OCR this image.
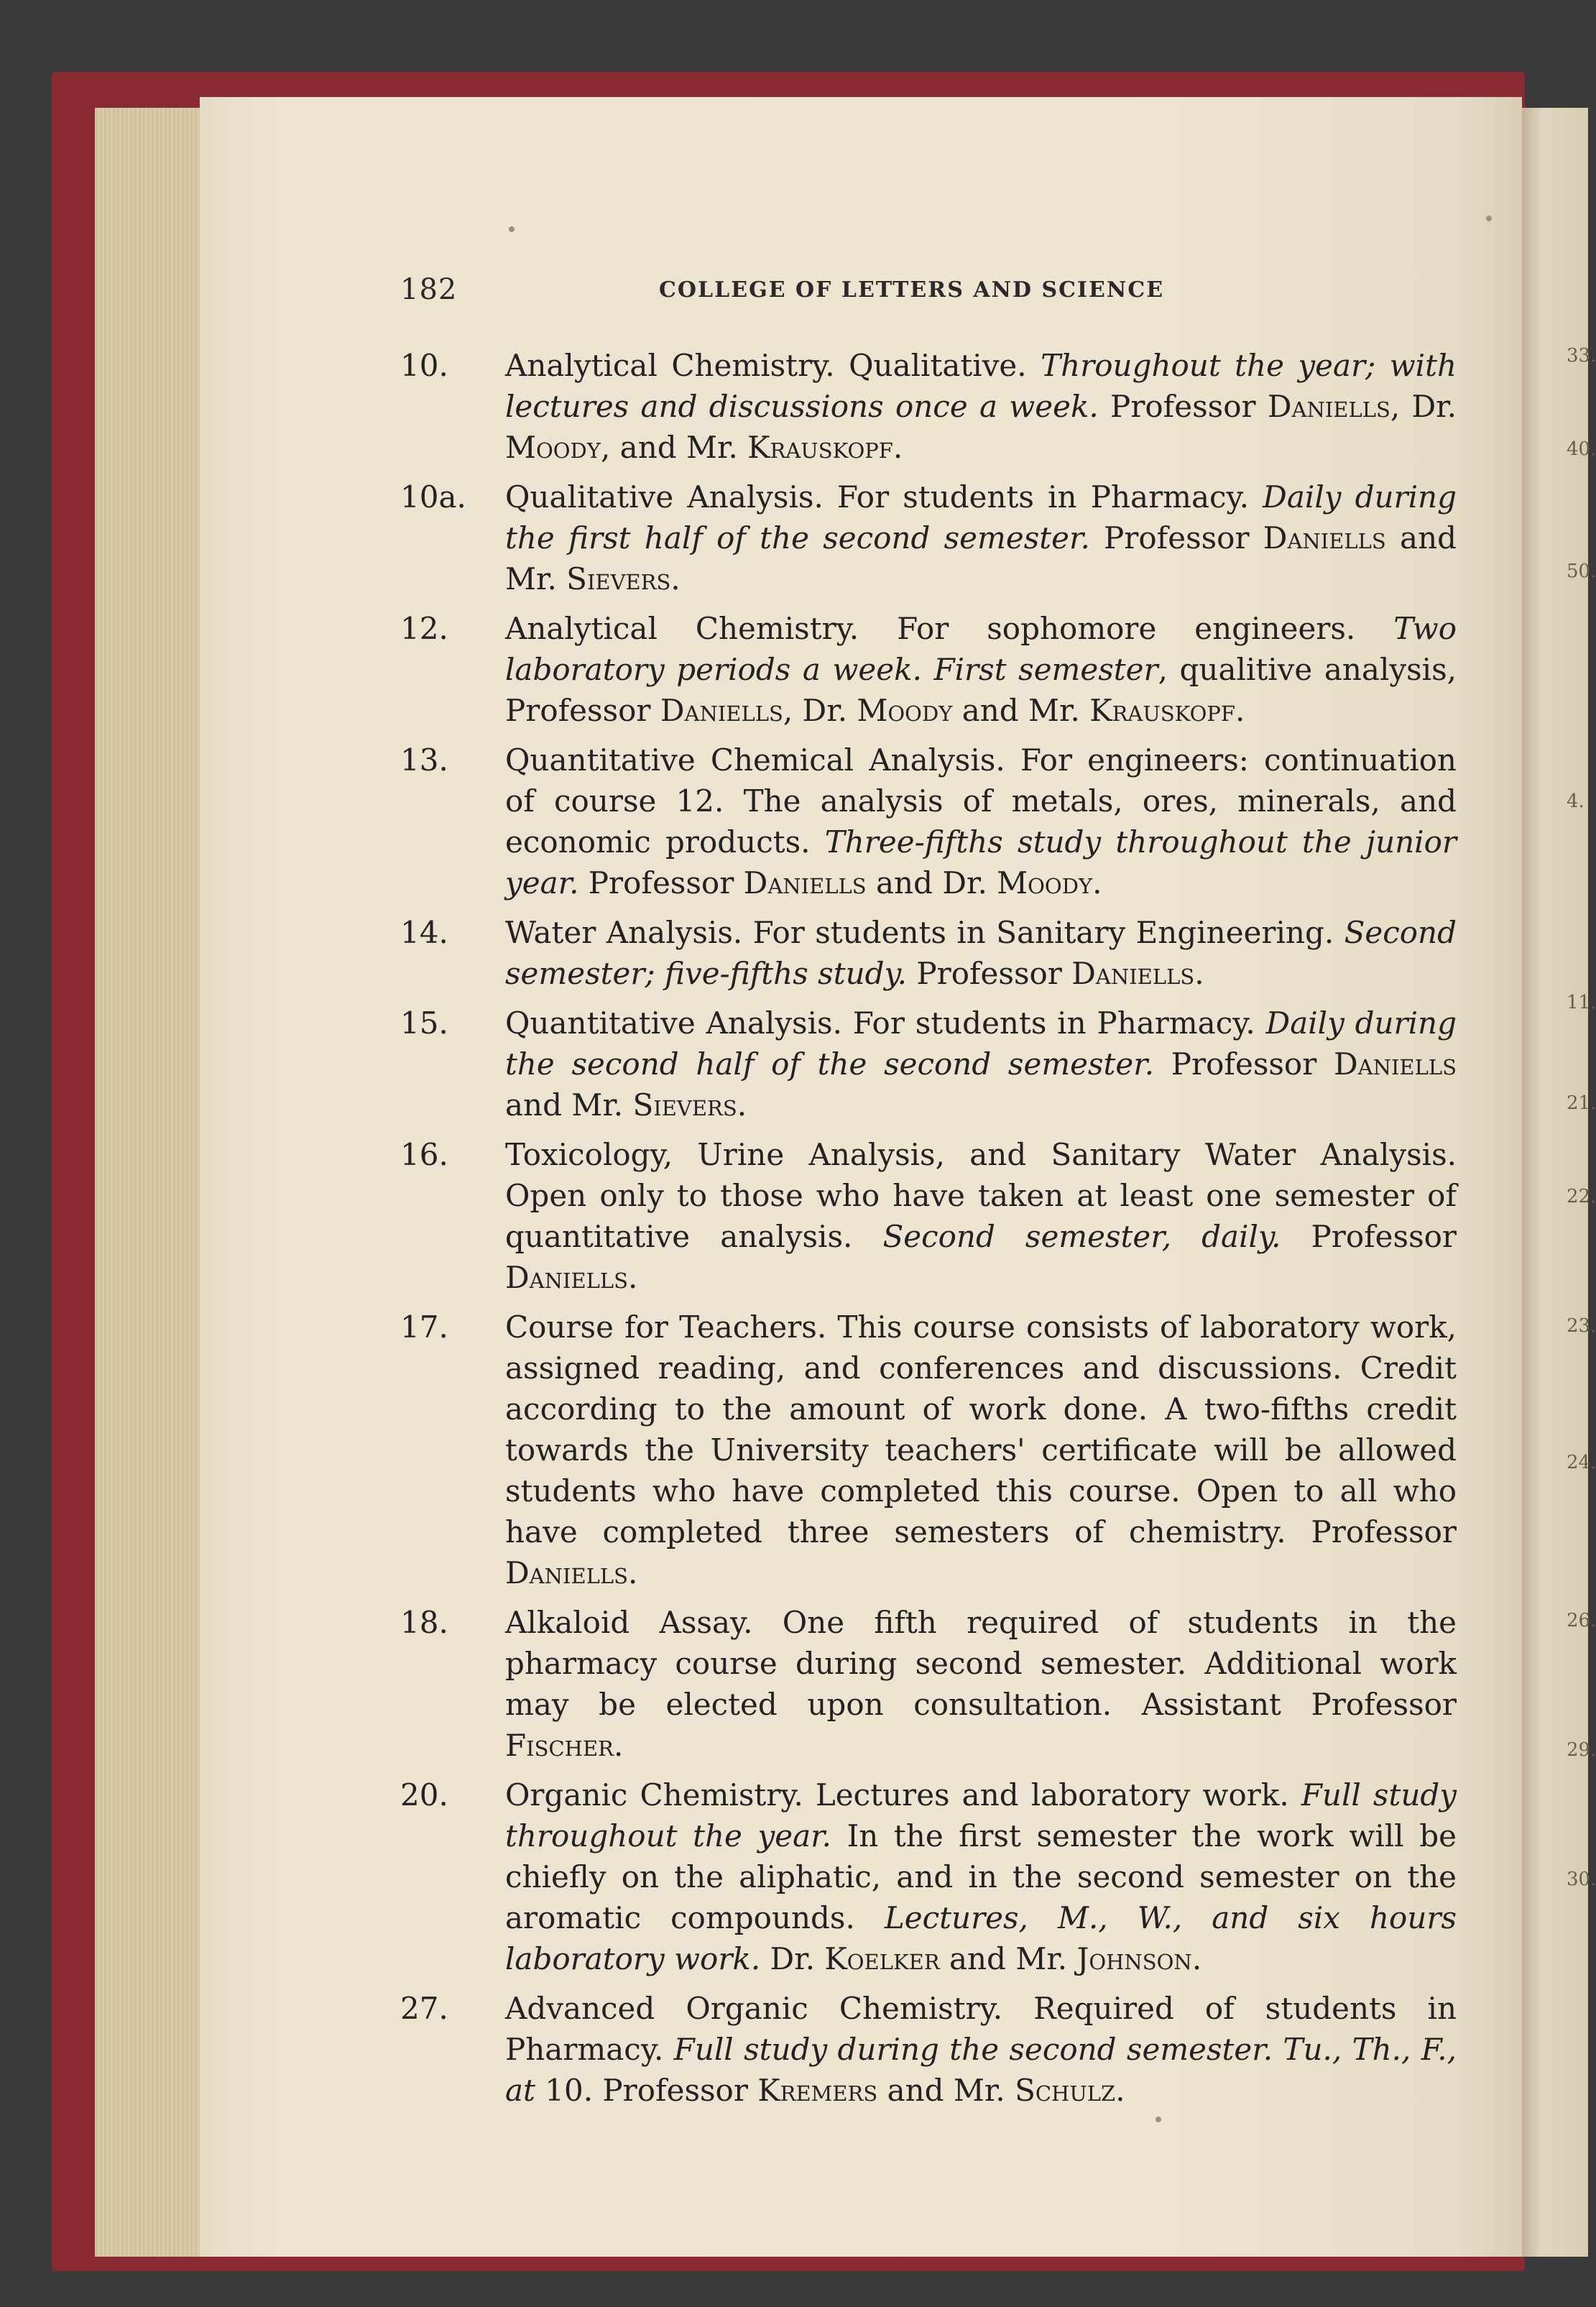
33.
40.
50.
4.
11.
21.
22.
23.
24.
26.
29.
30.
182	COLLEGE OF LETTERS AND SCIENCE
10. Analytical Chemistry. Qualitative. Throughout the year; with lectures and discussions once a week. Professor Daniells, Dr. Moody, and Mr. Krauskopf.
10a. Qualitative Analysis. For students in Pharmacy. Daily during the first half of the second semester. Professor Daniells and Mr. Sievers.
12. Analytical Chemistry. For sophomore engineers. Two laboratory periods a week. First semester, qualitive analysis, Professor Daniells, Dr. Moody and Mr. Krauskopf.
13. Quantitative Chemical Analysis. For engineers: continuation of course 12. The analysis of metals, ores, minerals, and economic products. Three-fifths study throughout the junior year. Professor Daniells and Dr. Moody.
14. Water Analysis. For students in Sanitary Engineering. Second semester; five-fifths study. Professor Daniells.
15. Quantitative Analysis. For students in Pharmacy. Daily during the second half of the second semester. Professor Daniells and Mr. Sievers.
16. Toxicology, Urine Analysis, and Sanitary Water Analysis. Open only to those who have taken at least one semester of quantitative analysis. Second semester, daily. Professor Daniells.
17. Course for Teachers. This course consists of laboratory work, assigned reading, and conferences and discussions. Credit according to the amount of work done. A two-fifths credit towards the University teachers' certificate will be allowed students who have completed this course. Open to all who have completed three semesters of chemistry. Professor Daniells.
18. Alkaloid Assay. One fifth required of students in the pharmacy course during second semester. Additional work may be elected upon consultation. Assistant Professor Fischer.
20. Organic Chemistry. Lectures and laboratory work. Full study throughout the year. In the first semester the work will be chiefly on the aliphatic, and in the second semester on the aromatic compounds. Lectures, M., W., and six hours laboratory work. Dr. Koelker and Mr. Johnson.
27. Advanced Organic Chemistry. Required of students in Pharmacy. Full study during the second semester. Tu., Th., F., at 10. Professor Kremers and Mr. Schulz.
